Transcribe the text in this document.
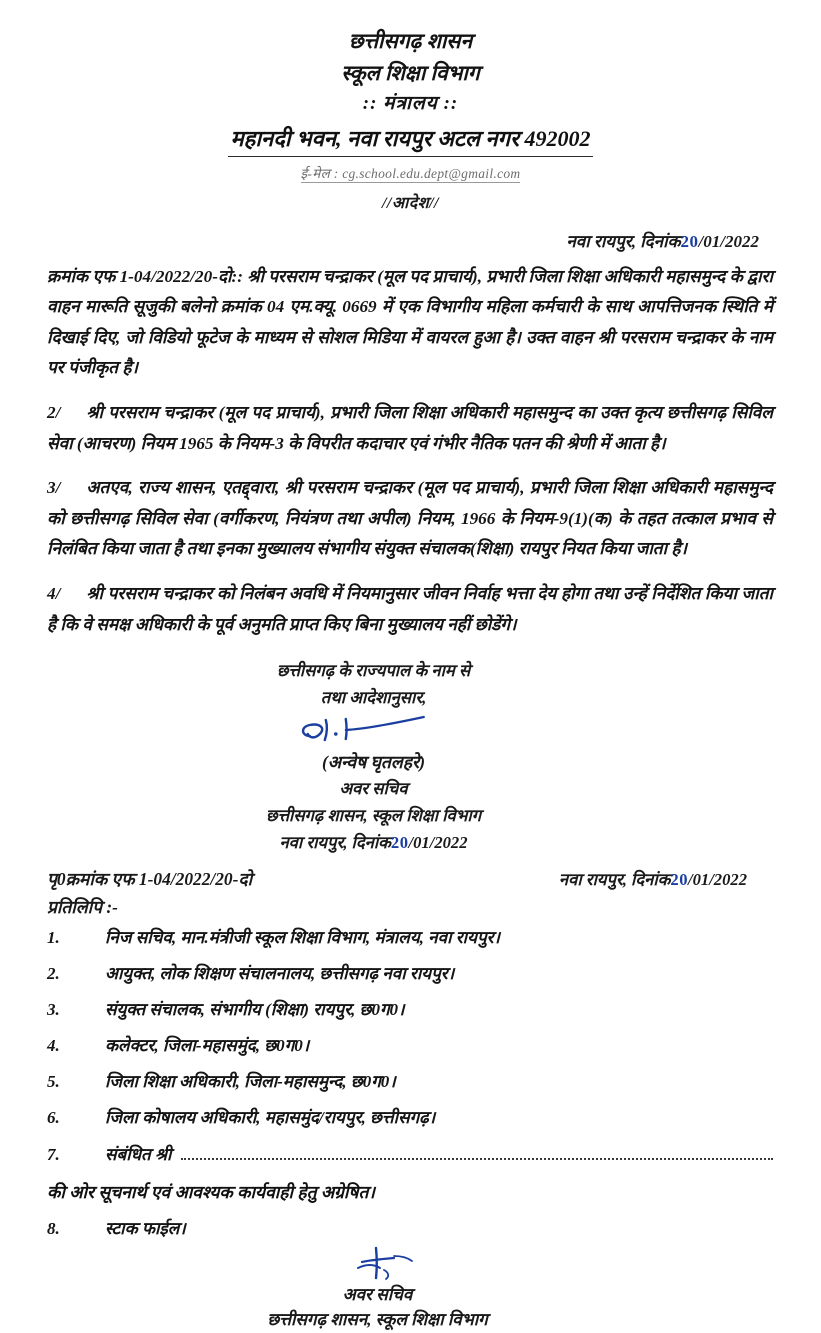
छत्तीसगढ़ शासन
स्कूल शिक्षा विभाग
:: मंत्रालय ::
महानदी भवन, नवा रायपुर अटल नगर 492002
ई-मेल : cg.school.edu.dept@gmail.com
//आदेश//
नवा रायपुर, दिनांक20/01/2022

क्रमांक एफ 1-04/2022/20-दो:: श्री परसराम चन्द्राकर (मूल पद प्राचार्य), प्रभारी जिला शिक्षा अधिकारी महासमुन्द के द्वारा वाहन मारूति सूजुकी बलेनो क्रमांक 04 एम.क्यू. 0669 में एक विभागीय महिला कर्मचारी के साथ आपत्तिजनक स्थिति में दिखाई दिए, जो विडियो फूटेज के माध्यम से सोशल मिडिया में वायरल हुआ है। उक्त वाहन श्री परसराम चन्द्राकर के नाम पर पंजीकृत है।

2/ श्री परसराम चन्द्राकर (मूल पद प्राचार्य), प्रभारी जिला शिक्षा अधिकारी महासमुन्द का उक्त कृत्य छत्तीसगढ़ सिविल सेवा (आचरण) नियम 1965 के नियम-3 के विपरीत कदाचार एवं गंभीर नैतिक पतन की श्रेणी में आता है।

3/ अतएव, राज्य शासन, एतद्द्वारा, श्री परसराम चन्द्राकर (मूल पद प्राचार्य), प्रभारी जिला शिक्षा अधिकारी महासमुन्द को छत्तीसगढ़ सिविल सेवा (वर्गीकरण, नियंत्रण तथा अपील) नियम, 1966 के नियम-9(1)(क) के तहत तत्काल प्रभाव से निलंबित किया जाता है तथा इनका मुख्यालय संभागीय संयुक्त संचालक(शिक्षा) रायपुर नियत किया जाता है।

4/ श्री परसराम चन्द्राकर को निलंबन अवधि में नियमानुसार जीवन निर्वाह भत्ता देय होगा तथा उन्हें निर्देशित किया जाता है कि वे समक्ष अधिकारी के पूर्व अनुमति प्राप्त किए बिना मुख्यालय नहीं छोडेंगे।

छत्तीसगढ़ के राज्यपाल के नाम से
तथा आदेशानुसार,
(अन्वेष घृतलहरे)
अवर सचिव
छत्तीसगढ़ शासन, स्कूल शिक्षा विभाग
नवा रायपुर, दिनांक20/01/2022
पृ0क्रमांक एफ 1-04/2022/20-दो	नवा रायपुर, दिनांक20/01/2022
प्रतिलिपि :-
1.	निज सचिव, मान.मंत्रीजी स्कूल शिक्षा विभाग, मंत्रालय, नवा रायपुर।
2.	आयुक्त, लोक शिक्षण संचालनालय, छत्तीसगढ़ नवा रायपुर।
3.	संयुक्त संचालक, संभागीय (शिक्षा) रायपुर, छ0ग0।
4.	कलेक्टर, जिला-महासमुंद, छ0ग0।
5.	जिला शिक्षा अधिकारी, जिला-महासमुन्द, छ0ग0।
6.	जिला कोषालय अधिकारी, महासमुंद/रायपुर, छत्तीसगढ़।
7.	संबंधित श्री
की ओर सूचनार्थ एवं आवश्यक कार्यवाही हेतु अग्रेषित।
8.	स्टाक फाईल।
अवर सचिव
छत्तीसगढ़ शासन, स्कूल शिक्षा विभाग
